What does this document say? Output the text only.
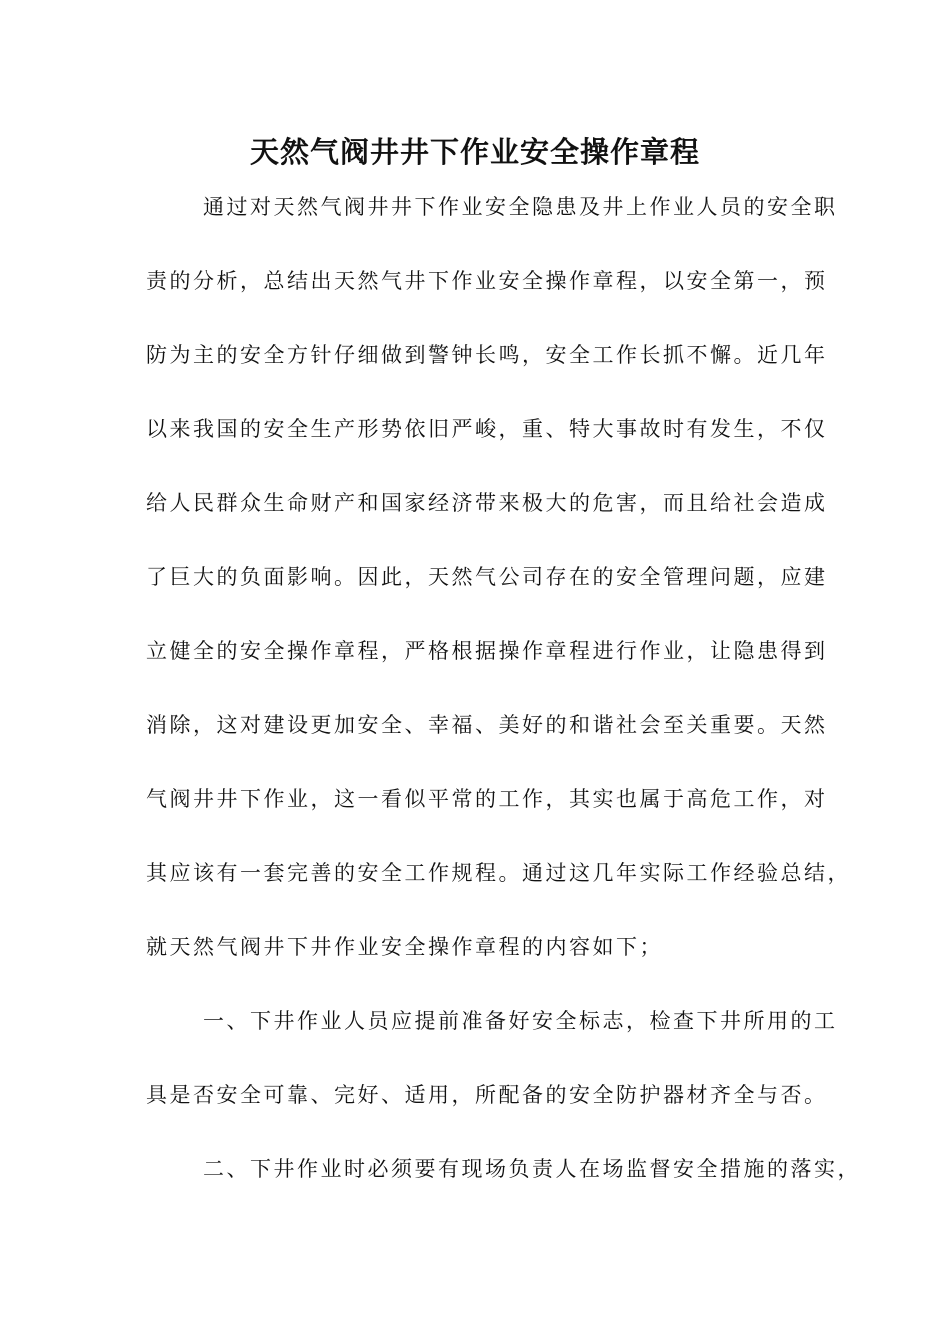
天然气阀井井下作业安全操作章程
通过对天然气阀井井下作业安全隐患及井上作业人员的安全职
责的分析，总结出天然气井下作业安全操作章程，以安全第一，预
防为主的安全方针仔细做到警钟长鸣，安全工作长抓不懈。近几年
以来我国的安全生产形势依旧严峻，重、特大事故时有发生，不仅
给人民群众生命财产和国家经济带来极大的危害，而且给社会造成
了巨大的负面影响。因此，天然气公司存在的安全管理问题，应建
立健全的安全操作章程，严格根据操作章程进行作业，让隐患得到
消除，这对建设更加安全、幸福、美好的和谐社会至关重要。天然
气阀井井下作业，这一看似平常的工作，其实也属于高危工作，对
其应该有一套完善的安全工作规程。通过这几年实际工作经验总结，
就天然气阀井下井作业安全操作章程的内容如下；
一、下井作业人员应提前准备好安全标志，检查下井所用的工
具是否安全可靠、完好、适用，所配备的安全防护器材齐全与否。
二、下井作业时必须要有现场负责人在场监督安全措施的落实，
